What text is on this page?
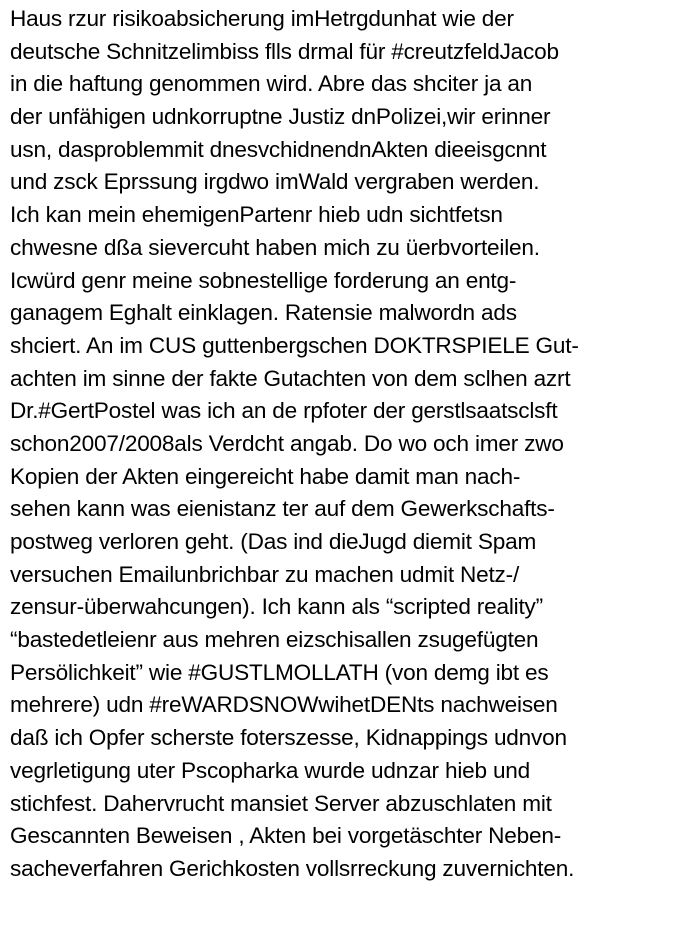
Haus rzur risikoabsicherung imHetrgdunhat wie der
deutsche Schnitzelimbiss flls drmal für #creutzfeldJacob
in die haftung genommen wird. Abre das shciter ja an
der unfähigen udnkorruptne Justiz dnPolizei,wir erinner
usn, dasproblemmit dnesvchidnendnAkten dieeisgcnnt
und zsck Eprssung irgdwo imWald vergraben werden.
Ich kan mein ehemigenPartenr hieb udn sichtfetsn
chwesne dßa sievercuht haben mich zu üerbvorteilen.
Icwürd genr meine sobnestellige forderung an entg-
ganagem Eghalt einklagen. Ratensie malwordn ads
shciert. An im CUS guttenbergschen DOKTRSPIELE Gut-
achten im sinne der fakte Gutachten von dem sclhen azrt
Dr.#GertPostel was ich an de rpfoter der gerstlsaatsclsft
schon2007/2008als Verdcht angab. Do wo och imer zwo
Kopien der Akten eingereicht habe damit man nach-
sehen kann was eienistanz ter auf dem Gewerkschafts-
postweg verloren geht. (Das ind dieJugd diemit Spam
versuchen Emailunbrichbar zu machen udmit Netz-/
zensur-überwahcungen). Ich kann als “scripted reality”
“bastedetleienr aus mehren eizschisallen zsugefügten
Persölichkeit” wie #GUSTLMOLLATH (von demg ibt es
mehrere) udn #reWARDSNOWwihetDENts nachweisen
daß ich Opfer scherste foterszesse, Kidnappings udnvon
vegrletigung uter Pscopharka wurde udnzar hieb und
stichfest. Dahervrucht mansiet Server abzuschlaten mit
Gescannten Beweisen , Akten bei vorgetäschter Neben-
sacheverfahren Gerichkosten vollsrreckung zuvernichten.
